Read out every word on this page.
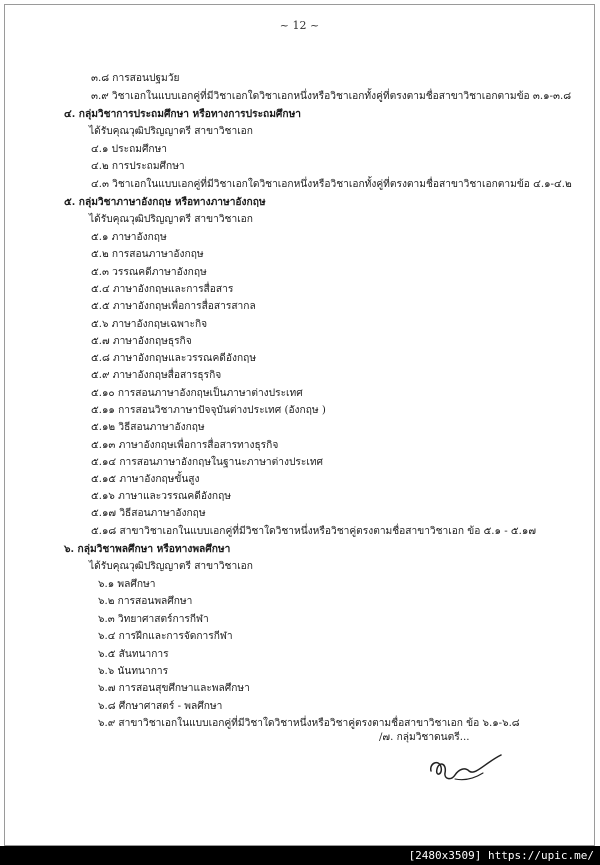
~ 12 ~
๓.๘ การสอนปฐมวัย
๓.๙ วิชาเอกในแบบเอกคู่ที่มีวิชาเอกใดวิชาเอกหนึ่งหรือวิชาเอกทั้งคู่ที่ตรงตามชื่อสาขาวิชาเอกตามข้อ ๓.๑-๓.๘
๔. กลุ่มวิชาการประถมศึกษา หรือทางการประถมศึกษา
ได้รับคุณวุฒิปริญญาตรี สาขาวิชาเอก
๔.๑ ประถมศึกษา
๔.๒ การประถมศึกษา
๔.๓ วิชาเอกในแบบเอกคู่ที่มีวิชาเอกใดวิชาเอกหนึ่งหรือวิชาเอกทั้งคู่ที่ตรงตามชื่อสาขาวิชาเอกตามข้อ ๔.๑-๔.๒
๕. กลุ่มวิชาภาษาอังกฤษ หรือทางภาษาอังกฤษ
ได้รับคุณวุฒิปริญญาตรี สาขาวิชาเอก
๕.๑ ภาษาอังกฤษ
๕.๒ การสอนภาษาอังกฤษ
๕.๓ วรรณคดีภาษาอังกฤษ
๕.๔ ภาษาอังกฤษและการสื่อสาร
๕.๕ ภาษาอังกฤษเพื่อการสื่อสารสากล
๕.๖ ภาษาอังกฤษเฉพาะกิจ
๕.๗ ภาษาอังกฤษธุรกิจ
๕.๘ ภาษาอังกฤษและวรรณคดีอังกฤษ
๕.๙ ภาษาอังกฤษสื่อสารธุรกิจ
๕.๑๐ การสอนภาษาอังกฤษเป็นภาษาต่างประเทศ
๕.๑๑ การสอนวิชาภาษาปัจจุบันต่างประเทศ (อังกฤษ )
๕.๑๒ วิธีสอนภาษาอังกฤษ
๕.๑๓ ภาษาอังกฤษเพื่อการสื่อสารทางธุรกิจ
๕.๑๔ การสอนภาษาอังกฤษในฐานะภาษาต่างประเทศ
๕.๑๕ ภาษาอังกฤษขั้นสูง
๕.๑๖ ภาษาและวรรณคดีอังกฤษ
๕.๑๗ วิธีสอนภาษาอังกฤษ
๕.๑๘ สาขาวิชาเอกในแบบเอกคู่ที่มีวิชาใดวิชาหนึ่งหรือวิชาคู่ตรงตามชื่อสาขาวิชาเอก ข้อ ๕.๑ - ๕.๑๗
๖. กลุ่มวิชาพลศึกษา หรือทางพลศึกษา
ได้รับคุณวุฒิปริญญาตรี สาขาวิชาเอก
๖.๑ พลศึกษา
๖.๒ การสอนพลศึกษา
๖.๓ วิทยาศาสตร์การกีฬา
๖.๔ การฝึกและการจัดการกีฬา
๖.๕ สันทนาการ
๖.๖ นันทนาการ
๖.๗ การสอนสุขศึกษาและพลศึกษา
๖.๘ ศึกษาศาสตร์ - พลศึกษา
๖.๙ สาขาวิชาเอกในแบบเอกคู่ที่มีวิชาใดวิชาหนึ่งหรือวิชาคู่ตรงตามชื่อสาขาวิชาเอก ข้อ ๖.๑-๖.๘
/๗. กลุ่มวิชาดนตรี...
[2480x3509] https://upic.me/
